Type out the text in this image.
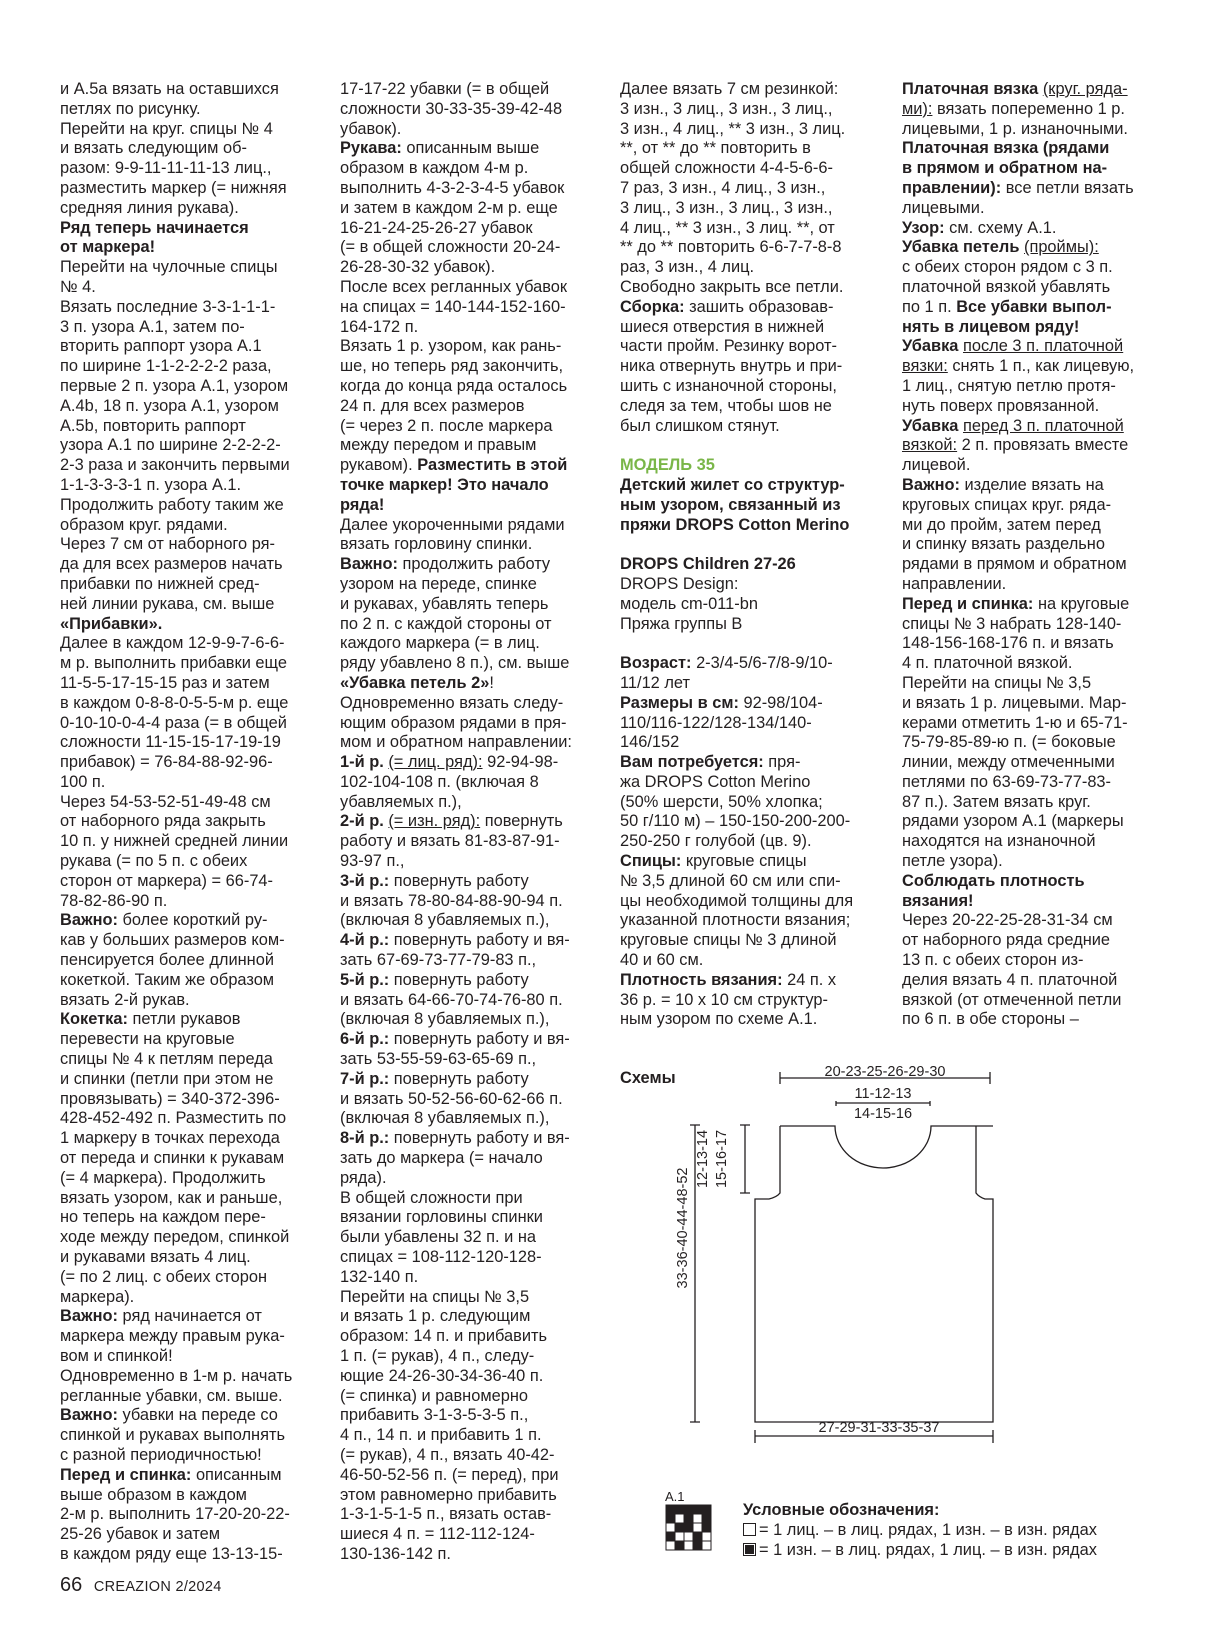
и A.5a вязать на оставшихся

петлях по рисунку.

Перейти на круг. спицы № 4

и вязать следующим об-

разом: 9-9-11-11-11-13 лиц.,

разместить маркер (= нижняя

средняя линия рукава).

Ряд теперь начинается

от маркера!

Перейти на чулочные спицы

№ 4.

Вязать последние 3-3-1-1-1-

3 п. узора А.1, затем по-

вторить раппорт узора А.1

по ширине 1-1-2-2-2-2 раза,

первые 2 п. узора А.1, узором

А.4b, 18 п. узора А.1, узором

А.5b, повторить раппорт

узора А.1 по ширине 2-2-2-2-

2-3 раза и закончить первыми

1-1-3-3-3-1 п. узора А.1.

Продолжить работу таким же

образом круг. рядами.

Через 7 см от наборного ря-

да для всех размеров начать

прибавки по нижней сред-

ней линии рукава, см. выше

«Прибавки».

Далее в каждом 12-9-9-7-6-6-

м р. выполнить прибавки еще

11-5-5-17-15-15 раз и затем

в каждом 0-8-8-0-5-5-м р. еще

0-10-10-0-4-4 раза (= в общей

сложности 11-15-15-17-19-19

прибавок) = 76-84-88-92-96-

100 п.

Через 54-53-52-51-49-48 см

от наборного ряда закрыть

10 п. у нижней средней линии

рукава (= по 5 п. с обеих

сторон от маркера) = 66-74-

78-82-86-90 п.

Важно: более короткий ру-

кав у больших размеров ком-

пенсируется более длинной

кокеткой. Таким же образом

вязать 2-й рукав.

Кокетка: петли рукавов

перевести на круговые

спицы № 4 к петлям переда

и спинки (петли при этом не

провязывать) = 340-372-396-

428-452-492 п. Разместить по

1 маркеру в точках перехода

от переда и спинки к рукавам

(= 4 маркера). Продолжить

вязать узором, как и раньше,

но теперь на каждом пере-

ходе между передом, спинкой

и рукавами вязать 4 лиц.

(= по 2 лиц. с обеих сторон

маркера).

Важно: ряд начинается от

маркера между правым рука-

вом и спинкой!

Одновременно в 1-м р. начать

регланные убавки, см. выше.

Важно: убавки на переде со

спинкой и рукавах выполнять

с разной периодичностью!

Перед и спинка: описанным

выше образом в каждом

2-м р. выполнить 17-20-20-22-

25-26 убавок и затем

в каждом ряду еще 13-13-15-

17-17-22 убавки (= в общей

сложности 30-33-35-39-42-48

убавок).

Рукава: описанным выше

образом в каждом 4-м р.

выполнить 4-3-2-3-4-5 убавок

и затем в каждом 2-м р. еще

16-21-24-25-26-27 убавок

(= в общей сложности 20-24-

26-28-30-32 убавок).

После всех регланных убавок

на спицах = 140-144-152-160-

164-172 п.

Вязать 1 р. узором, как рань-

ше, но теперь ряд закончить,

когда до конца ряда осталось

24 п. для всех размеров

(= через 2 п. после маркера

между передом и правым

рукавом). Разместить в этой

точке маркер! Это начало

ряда!

Далее укороченными рядами

вязать горловину спинки.

Важно: продолжить работу

узором на переде, спинке

и рукавах, убавлять теперь

по 2 п. с каждой стороны от

каждого маркера (= в лиц.

ряду убавлено 8 п.), см. выше

«Убавка петель 2»!

Одновременно вязать следу-

ющим образом рядами в пря-

мом и обратном направлении:

1-й р. (= лиц. ряд): 92-94-98-

102-104-108 п. (включая 8

убавляемых п.),

2-й р. (= изн. ряд): повернуть

работу и вязать 81-83-87-91-

93-97 п.,

3-й р.: повернуть работу

и вязать 78-80-84-88-90-94 п.

(включая 8 убавляемых п.),

4-й р.: повернуть работу и вя-

зать 67-69-73-77-79-83 п.,

5-й р.: повернуть работу

и вязать 64-66-70-74-76-80 п.

(включая 8 убавляемых п.),

6-й р.: повернуть работу и вя-

зать 53-55-59-63-65-69 п.,

7-й р.: повернуть работу

и вязать 50-52-56-60-62-66 п.

(включая 8 убавляемых п.),

8-й р.: повернуть работу и вя-

зать до маркера (= начало

ряда).

В общей сложности при

вязании горловины спинки

были убавлены 32 п. и на

спицах = 108-112-120-128-

132-140 п.

Перейти на спицы № 3,5

и вязать 1 р. следующим

образом: 14 п. и прибавить

1 п. (= рукав), 4 п., следу-

ющие 24-26-30-34-36-40 п.

(= спинка) и равномерно

прибавить 3-1-3-5-3-5 п.,

4 п., 14 п. и прибавить 1 п.

(= рукав), 4 п., вязать 40-42-

46-50-52-56 п. (= перед), при

этом равномерно прибавить

1-3-1-5-1-5 п., вязать остав-

шиеся 4 п. = 112-112-124-

130-136-142 п.

Далее вязать 7 см резинкой:

3 изн., 3 лиц., 3 изн., 3 лиц.,

3 изн., 4 лиц., ** 3 изн., 3 лиц.

**, от ** до ** повторить в

общей сложности 4-4-5-6-6-

7 раз, 3 изн., 4 лиц., 3 изн.,

3 лиц., 3 изн., 3 лиц., 3 изн.,

4 лиц., ** 3 изн., 3 лиц. **, от

** до ** повторить 6-6-7-7-8-8

раз, 3 изн., 4 лиц.

Свободно закрыть все петли.

Сборка: зашить образовав-

шиеся отверстия в нижней

части пройм. Резинку ворот-

ника отвернуть внутрь и при-

шить с изнаночной стороны,

следя за тем, чтобы шов не

был слишком стянут.

МОДЕЛЬ 35

Детский жилет со структур-

ным узором, связанный из

пряжи DROPS Cotton Merino

DROPS Children 27-26

DROPS Design:

модель cm-011-bn

Пряжа группы B

Возраст: 2-3/4-5/6-7/8-9/10-

11/12 лет

Размеры в см: 92-98/104-

110/116-122/128-134/140-

146/152

Вам потребуется: пря-

жа DROPS Cotton Merino

(50% шерсти, 50% хлопка;

50 г/110 м) – 150-150-200-200-

250-250 г голубой (цв. 9).

Спицы: круговые спицы

№ 3,5 длиной 60 см или спи-

цы необходимой толщины для

указанной плотности вязания;

круговые спицы № 3 длиной

40 и 60 см.

Плотность вязания: 24 п. х

36 р. = 10 х 10 см структур-

ным узором по схеме А.1.

Платочная вязка (круг. ряда-

ми): вязать попеременно 1 р.

лицевыми, 1 р. изнаночными.

Платочная вязка (рядами

в прямом и обратном на-

правлении): все петли вязать

лицевыми.

Узор: см. схему А.1.

Убавка петель (проймы):

с обеих сторон рядом с 3 п.

платочной вязкой убавлять

по 1 п. Все убавки выпол-

нять в лицевом ряду!

Убавка после 3 п. платочной

вязки: снять 1 п., как лицевую,

1 лиц., снятую петлю протя-

нуть поверх провязанной.

Убавка перед 3 п. платочной

вязкой: 2 п. провязать вместе

лицевой.

Важно: изделие вязать на

круговых спицах круг. ряда-

ми до пройм, затем перед

и спинку вязать раздельно

рядами в прямом и обратном

направлении.

Перед и спинка: на круговые

спицы № 3 набрать 128-140-

148-156-168-176 п. и вязать

4 п. платочной вязкой.

Перейти на спицы № 3,5

и вязать 1 р. лицевыми. Мар-

керами отметить 1-ю и 65-71-

75-79-85-89-ю п. (= боковые

линии, между отмеченными

петлями по 63-69-73-77-83-

87 п.). Затем вязать круг.

рядами узором А.1 (маркеры

находятся на изнаночной

петле узора).

Соблюдать плотность

вязания!

Через 20-22-25-28-31-34 см

от наборного ряда средние

13 п. с обеих сторон из-

делия вязать 4 п. платочной

вязкой (от отмеченной петли

по 6 п. в обе стороны –

Схемы	20-23-25-26-29-30
11-12-13
14-15-16
12-13-14 15-16-17
33-36-40-44-48-52
27-29-31-33-35-37
A.1

Условные обозначения:

= 1 лиц. – в лиц. рядах, 1 изн. – в изн. рядах

= 1 изн. – в лиц. рядах, 1 лиц. – в изн. рядах

66 CREAZION 2/2024
